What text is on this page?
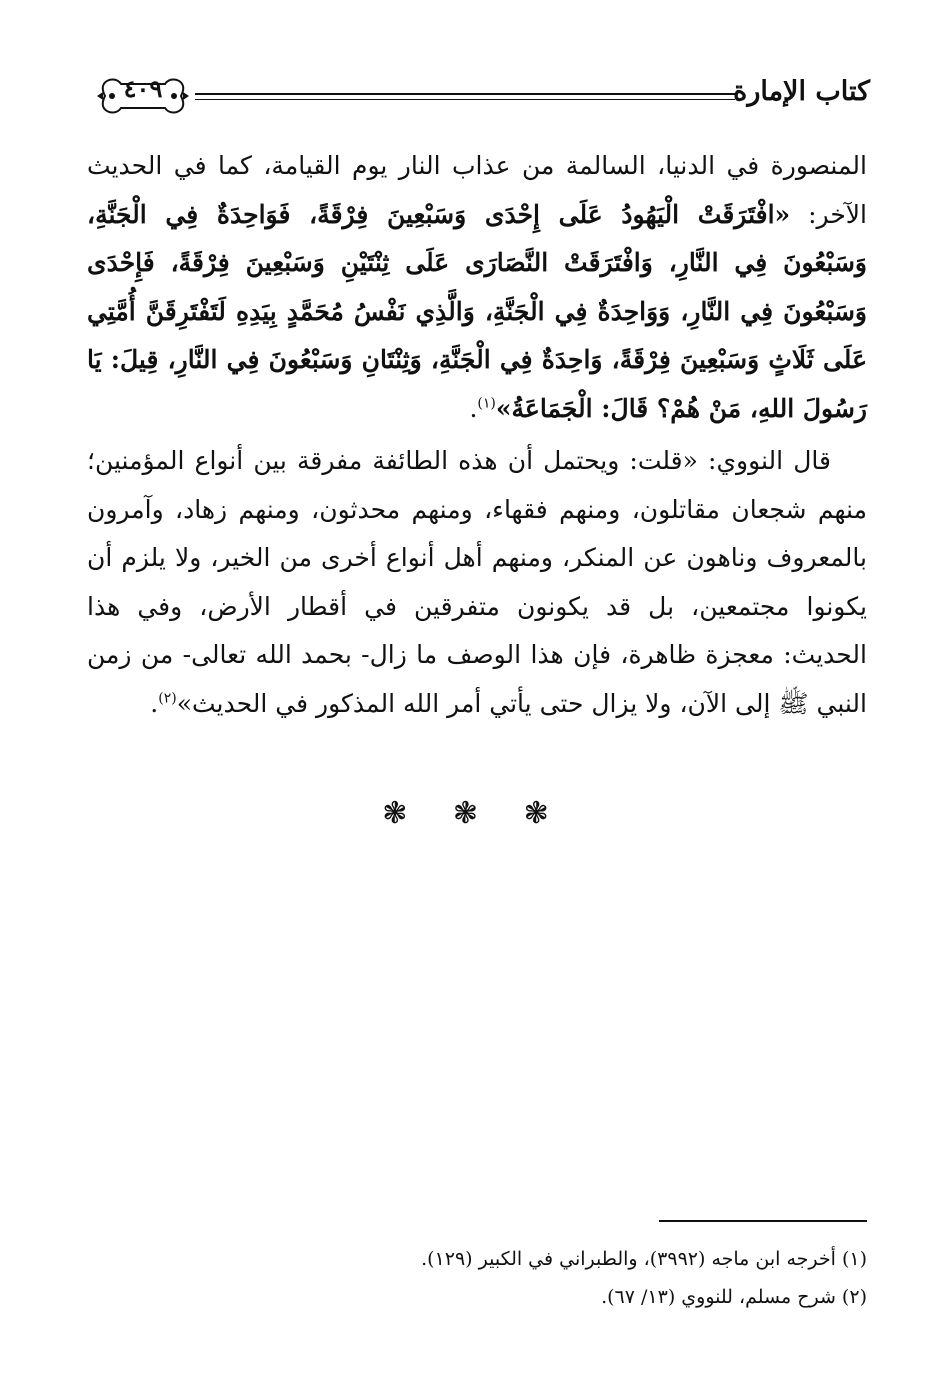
٤٠٩	كتاب الإمارة

المنصورة في الدنيا، السالمة من عذاب النار يوم القيامة، كما في الحديث الآخر: «افْتَرَقَتْ الْيَهُودُ عَلَى إِحْدَى وَسَبْعِينَ فِرْقَةً، فَوَاحِدَةٌ فِي الْجَنَّةِ، وَسَبْعُونَ فِي النَّارِ، وَافْتَرَقَتْ النَّصَارَى عَلَى ثِنْتَيْنِ وَسَبْعِينَ فِرْقَةً، فَإِحْدَى وَسَبْعُونَ فِي النَّارِ، وَوَاحِدَةٌ فِي الْجَنَّةِ، وَالَّذِي نَفْسُ مُحَمَّدٍ بِيَدِهِ لَتَفْتَرِقَنَّ أُمَّتِي عَلَى ثَلَاثٍ وَسَبْعِينَ فِرْقَةً، وَاحِدَةٌ فِي الْجَنَّةِ، وَثِنْتَانِ وَسَبْعُونَ فِي النَّارِ، قِيلَ: يَا رَسُولَ اللهِ، مَنْ هُمْ؟ قَالَ: الْجَمَاعَةُ»$^{(١)}$.

قال النووي: «قلت: ويحتمل أن هذه الطائفة مفرقة بين أنواع المؤمنين؛ منهم شجعان مقاتلون، ومنهم فقهاء، ومنهم محدثون، ومنهم زهاد، وآمرون بالمعروف وناهون عن المنكر، ومنهم أهل أنواع أخرى من الخير، ولا يلزم أن يكونوا مجتمعين، بل قد يكونون متفرقين في أقطار الأرض، وفي هذا الحديث: معجزة ظاهرة، فإن هذا الوصف ما زال- بحمد الله تعالى- من زمن النبي ﷺ إلى الآن، ولا يزال حتى يأتي أمر الله المذكور في الحديث»$^{(٢)}$.

❃ ❃ ❃

(١) أخرجه ابن ماجه (٣٩٩٢)، والطبراني في الكبير (١٢٩).

(٢) شرح مسلم، للنووي (١٣/ ٦٧).
